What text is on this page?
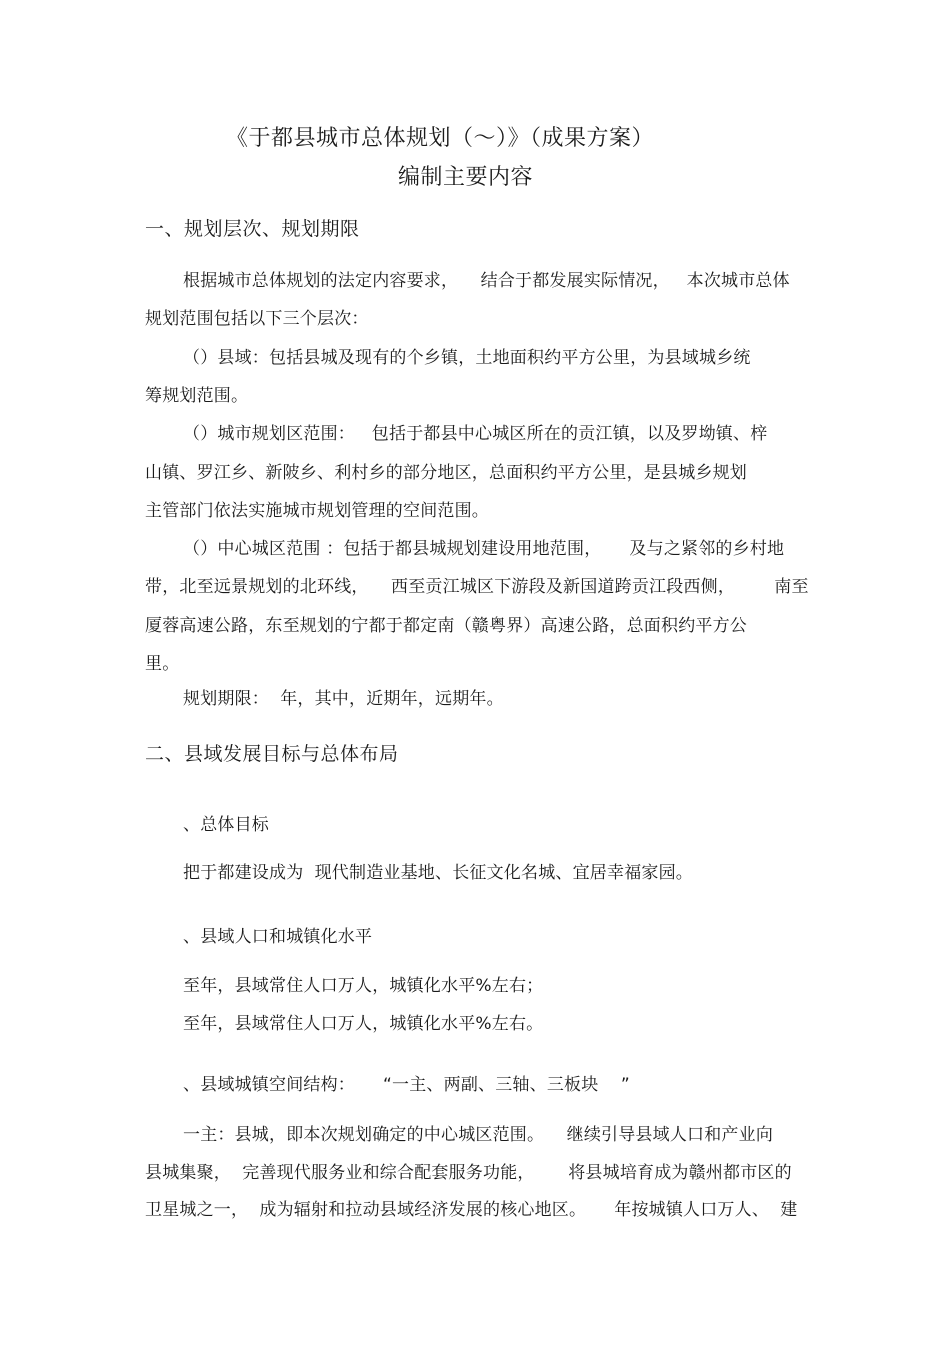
《于都县城市总体规划（～）》（成果方案）
编制主要内容
一、规划层次、规划期限
根据城市总体规划的法定内容要求，    结合于都发展实际情况，   本次城市总体
规划范围包括以下三个层次：
（）县域：包括县城及现有的个乡镇，土地面积约平方公里，为县域城乡统
筹规划范围。
（）城市规划区范围：   包括于都县中心城区所在的贡江镇，以及罗坳镇、梓
山镇、罗江乡、新陂乡、利村乡的部分地区，总面积约平方公里，是县城乡规划
主管部门依法实施城市规划管理的空间范围。
（）中心城区范围 ：包括于都县城规划建设用地范围，     及与之紧邻的乡村地
带，北至远景规划的北环线，    西至贡江城区下游段及新国道跨贡江段西侧，       南至
厦蓉高速公路，东至规划的宁都于都定南（赣粤界）高速公路，总面积约平方公
里。
规划期限：  年，其中，近期年，远期年。
二、县域发展目标与总体布局
、总体目标
把于都建设成为  现代制造业基地、长征文化名城、宜居幸福家园。
、县域人口和城镇化水平
至年，县域常住人口万人，城镇化水平%左右；
至年，县域常住人口万人，城镇化水平%左右。
、县域城镇空间结构：     “一主、两副、三轴、三板块    ”
一主：县城，即本次规划确定的中心城区范围。    继续引导县域人口和产业向
县城集聚，  完善现代服务业和综合配套服务功能，      将县城培育成为赣州都市区的
卫星城之一，  成为辐射和拉动县域经济发展的核心地区。     年按城镇人口万人、  建
